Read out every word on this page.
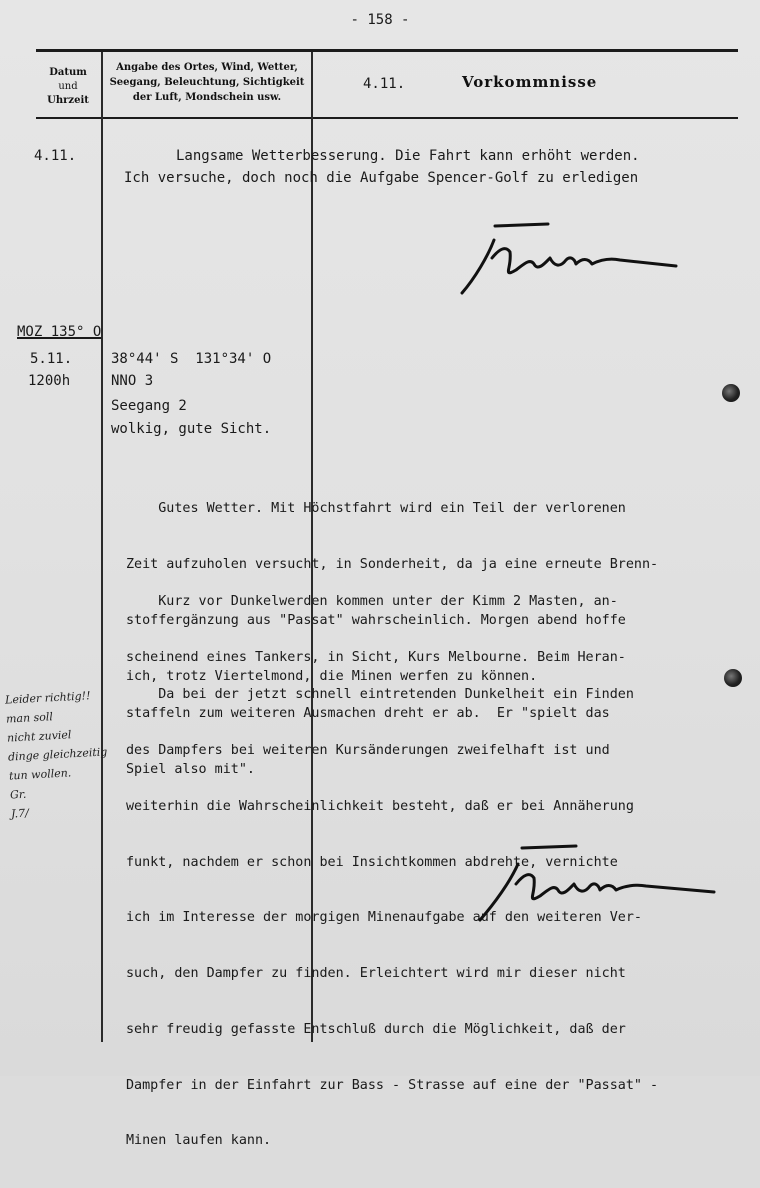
- 158 -
Datum
und
Uhrzeit
Angabe des Ortes, Wind, Wetter,
Seegang, Beleuchtung, Sichtigkeit
der Luft, Mondschein usw.
4.11.	Vorkommnisse
4.11.	Langsame Wetterbesserung. Die Fahrt kann erhöht werden.
Ich versuche, doch noch die Aufgabe Spencer-Golf zu erledigen
MOZ 135° O
5.11.
1200h
38°44' S  131°34' O
NNO 3
Seegang 2
wolkig, gute Sicht.

Gutes Wetter. Mit Höchstfahrt wird ein Teil der verlorenen

Zeit aufzuholen versucht, in Sonderheit, da ja eine erneute Brenn-

stoffergänzung aus "Passat" wahrscheinlich. Morgen abend hoffe

ich, trotz Viertelmond, die Minen werfen zu können.

Kurz vor Dunkelwerden kommen unter der Kimm 2 Masten, an-

scheinend eines Tankers, in Sicht, Kurs Melbourne. Beim Heran-

staffeln zum weiteren Ausmachen dreht er ab.  Er "spielt das

Spiel also mit".

Da bei der jetzt schnell eintretenden Dunkelheit ein Finden

des Dampfers bei weiteren Kursänderungen zweifelhaft ist und

weiterhin die Wahrscheinlichkeit besteht, daß er bei Annäherung

funkt, nachdem er schon bei Insichtkommen abdrehte, vernichte

ich im Interesse der morgigen Minenaufgabe auf den weiteren Ver-

such, den Dampfer zu finden. Erleichtert wird mir dieser nicht

sehr freudig gefasste Entschluß durch die Möglichkeit, daß der

Dampfer in der Einfahrt zur Bass - Strasse auf eine der "Passat" -

Minen laufen kann.

Leider richtig!!
man soll
nicht zuviel
dinge gleichzeitig
tun wollen.
Gr.
J.7/
